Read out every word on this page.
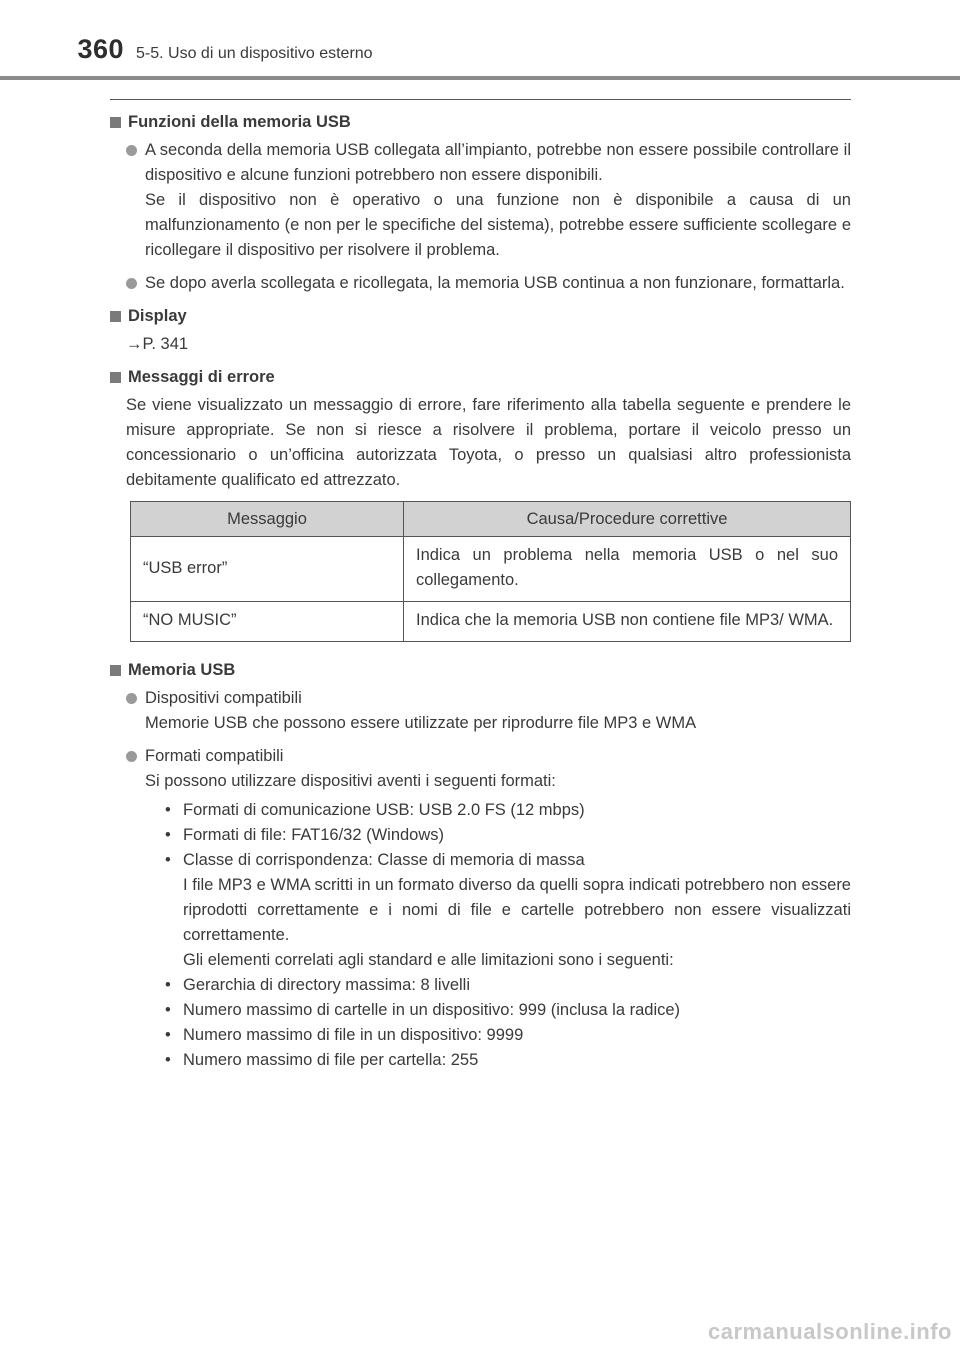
360 5-5. Uso di un dispositivo esterno
Funzioni della memoria USB

A seconda della memoria USB collegata all’impianto, potrebbe non essere possibile controllare il dispositivo e alcune funzioni potrebbero non essere disponibili.

Se il dispositivo non è operativo o una funzione non è disponibile a causa di un malfunzionamento (e non per le specifiche del sistema), potrebbe essere sufficiente scollegare e ricollegare il dispositivo per risolvere il problema.

Se dopo averla scollegata e ricollegata, la memoria USB continua a non funzionare, formattarla.
Display
→P. 341
Messaggi di errore

Se viene visualizzato un messaggio di errore, fare riferimento alla tabella seguente e prendere le misure appropriate. Se non si riesce a risolvere il problema, portare il veicolo presso un concessionario o un’officina autorizzata Toyota, o presso un qualsiasi altro professionista debitamente qualificato ed attrezzato.

Messaggio	Causa/Procedure correttive
“USB error”	Indica un problema nella memoria USB o nel suo collegamento.
“NO MUSIC”	Indica che la memoria USB non contiene file MP3/ WMA.
Memoria USB

Dispositivi compatibili

Memorie USB che possono essere utilizzate per riprodurre file MP3 e WMA

Formati compatibili

Si possono utilizzare dispositivi aventi i seguenti formati:

• Formati di comunicazione USB: USB 2.0 FS (12 mbps)
• Formati di file: FAT16/32 (Windows)
• Classe di corrispondenza: Classe di memoria di massa

I file MP3 e WMA scritti in un formato diverso da quelli sopra indicati potrebbero non essere riprodotti correttamente e i nomi di file e cartelle potrebbero non essere visualizzati correttamente.

Gli elementi correlati agli standard e alle limitazioni sono i seguenti:

• Gerarchia di directory massima: 8 livelli
• Numero massimo di cartelle in un dispositivo: 999 (inclusa la radice)
• Numero massimo di file in un dispositivo: 9999
• Numero massimo di file per cartella: 255
carmanualsonline.info
